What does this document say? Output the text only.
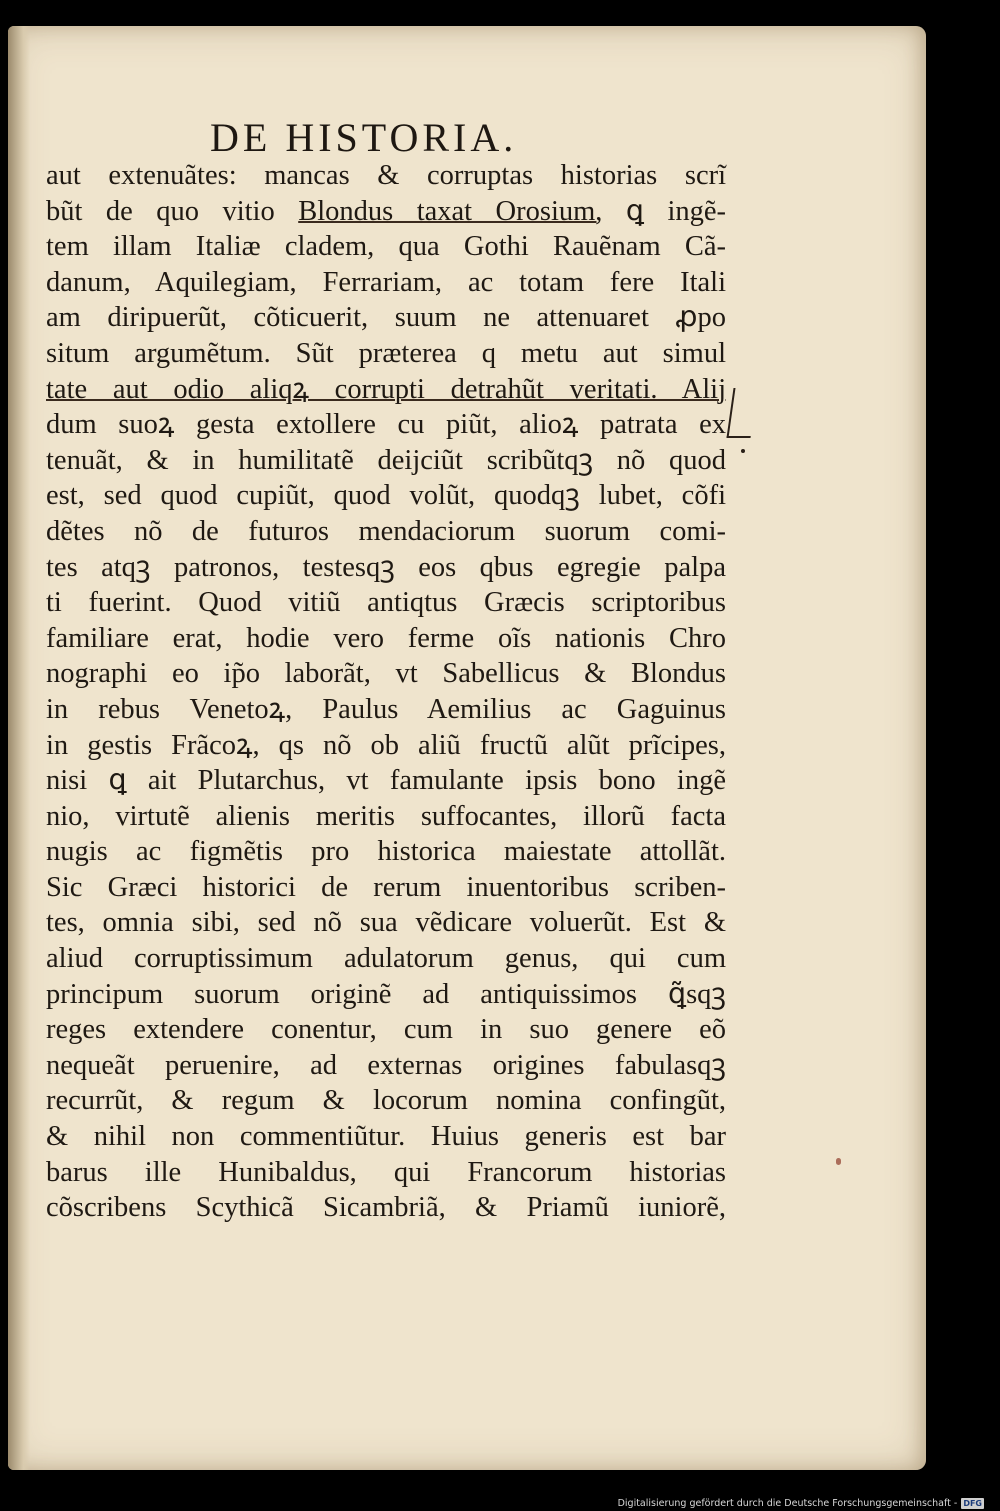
DE HISTORIA.
aut extenuãtes: mancas & corruptas historias scrĩ
bũt de quo vitio Blondus taxat Orosium, ꝗ ingẽ-
tem illam Italiæ cladem, qua Gothi Rauẽnam Cã-
danum, Aquilegiam, Ferrariam, ac totam fere Itali
am diripuerũt, cõticuerit, suum ne attenuaret ꝓpo
situm argumẽtum. Sũt præterea q metu aut simul
tate aut odio aliqꝝ corrupti detrahũt veritati. Alij
dum suoꝝ gesta extollere cu piũt, alioꝝ patrata ex
tenuãt, & in humilitatẽ deijciũt scribũtqꝫ nõ quod
est, sed quod cupiũt, quod volũt, quodqꝫ lubet, cõfi
dẽtes nõ de futuros mendaciorum suorum comi-
tes atqꝫ patronos, testesqꝫ eos qbus egregie palpa
ti fuerint. Quod vitiũ antiqtus Græcis scriptoribus
familiare erat, hodie vero ferme oĩs nationis Chro
nographi eo ip̃o laborãt, vt Sabellicus & Blondus
in rebus Venetoꝝ, Paulus Aemilius ac Gaguinus
in gestis Frãcoꝝ, qs nõ ob aliũ fructũ alũt prĩcipes,
nisi ꝗ ait Plutarchus, vt famulante ipsis bono ingẽ
nio, virtutẽ alienis meritis suffocantes, illorũ facta
nugis ac figmẽtis pro historica maiestate attollãt.
Sic Græci historici de rerum inuentoribus scriben-
tes, omnia sibi, sed nõ sua vẽdicare voluerũt. Est &
aliud corruptissimum adulatorum genus, qui cum
principum suorum originẽ ad antiquissimos ꝗ̃sqꝫ
reges extendere conentur, cum in suo genere eõ
nequeãt peruenire, ad externas origines fabulasqꝫ
recurrũt, & regum & locorum nomina confingũt,
& nihil non commentiũtur. Huius generis est bar
barus ille Hunibaldus, qui Francorum historias
cõscribens Scythicã Sicambriã, & Priamũ iuniorẽ,
Digitalisierung gefördert durch die Deutsche Forschungsgemeinschaft - DFG
